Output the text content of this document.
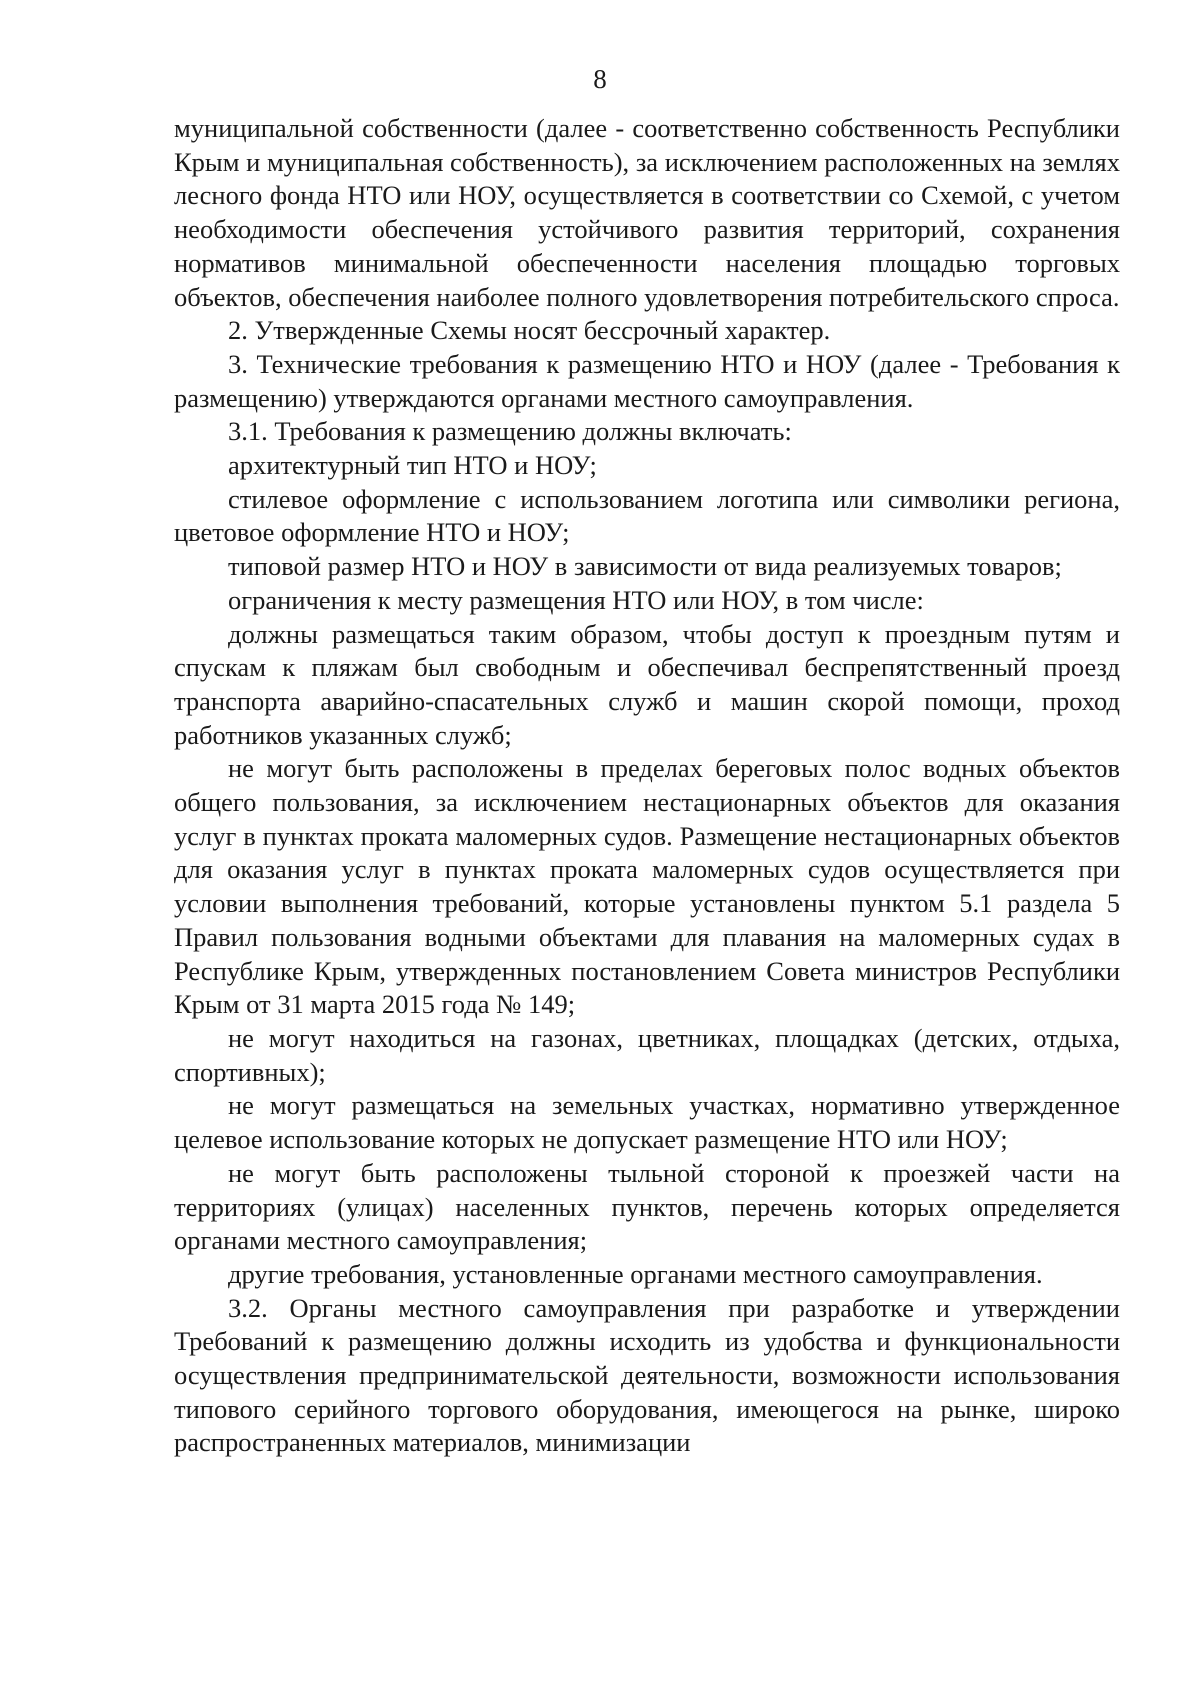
8

муниципальной собственности (далее - соответственно собственность Республики Крым и муниципальная собственность), за исключением расположенных на землях лесного фонда НТО или НОУ, осуществляется в соответствии со Схемой, с учетом необходимости обеспечения устойчивого развития территорий, сохранения нормативов минимальной обеспеченности населения площадью торговых объектов, обеспечения наиболее полного удовлетворения потребительского спроса.

2. Утвержденные Схемы носят бессрочный характер.

3. Технические требования к размещению НТО и НОУ (далее - Требования к размещению) утверждаются органами местного самоуправления.

3.1. Требования к размещению должны включать:

архитектурный тип НТО и НОУ;

стилевое оформление с использованием логотипа или символики региона, цветовое оформление НТО и НОУ;

типовой размер НТО и НОУ в зависимости от вида реализуемых товаров;

ограничения к месту размещения НТО или НОУ, в том числе:

должны размещаться таким образом, чтобы доступ к проездным путям и спускам к пляжам был свободным и обеспечивал беспрепятственный проезд транспорта аварийно-спасательных служб и машин скорой помощи, проход работников указанных служб;

не могут быть расположены в пределах береговых полос водных объектов общего пользования, за исключением нестационарных объектов для оказания услуг в пунктах проката маломерных судов. Размещение нестационарных объектов для оказания услуг в пунктах проката маломерных судов осуществляется при условии выполнения требований, которые установлены пунктом 5.1 раздела 5 Правил пользования водными объектами для плавания на маломерных судах в Республике Крым, утвержденных постановлением Совета министров Республики Крым от 31 марта 2015 года № 149;

не могут находиться на газонах, цветниках, площадках (детских, отдыха, спортивных);

не могут размещаться на земельных участках, нормативно утвержденное целевое использование которых не допускает размещение НТО или НОУ;

не могут быть расположены тыльной стороной к проезжей части на территориях (улицах) населенных пунктов, перечень которых определяется органами местного самоуправления;

другие требования, установленные органами местного самоуправления.

3.2. Органы местного самоуправления при разработке и утверждении Требований к размещению должны исходить из удобства и функциональности осуществления предпринимательской деятельности, возможности использования типового серийного торгового оборудования, имеющегося на рынке, широко распространенных материалов, минимизации
